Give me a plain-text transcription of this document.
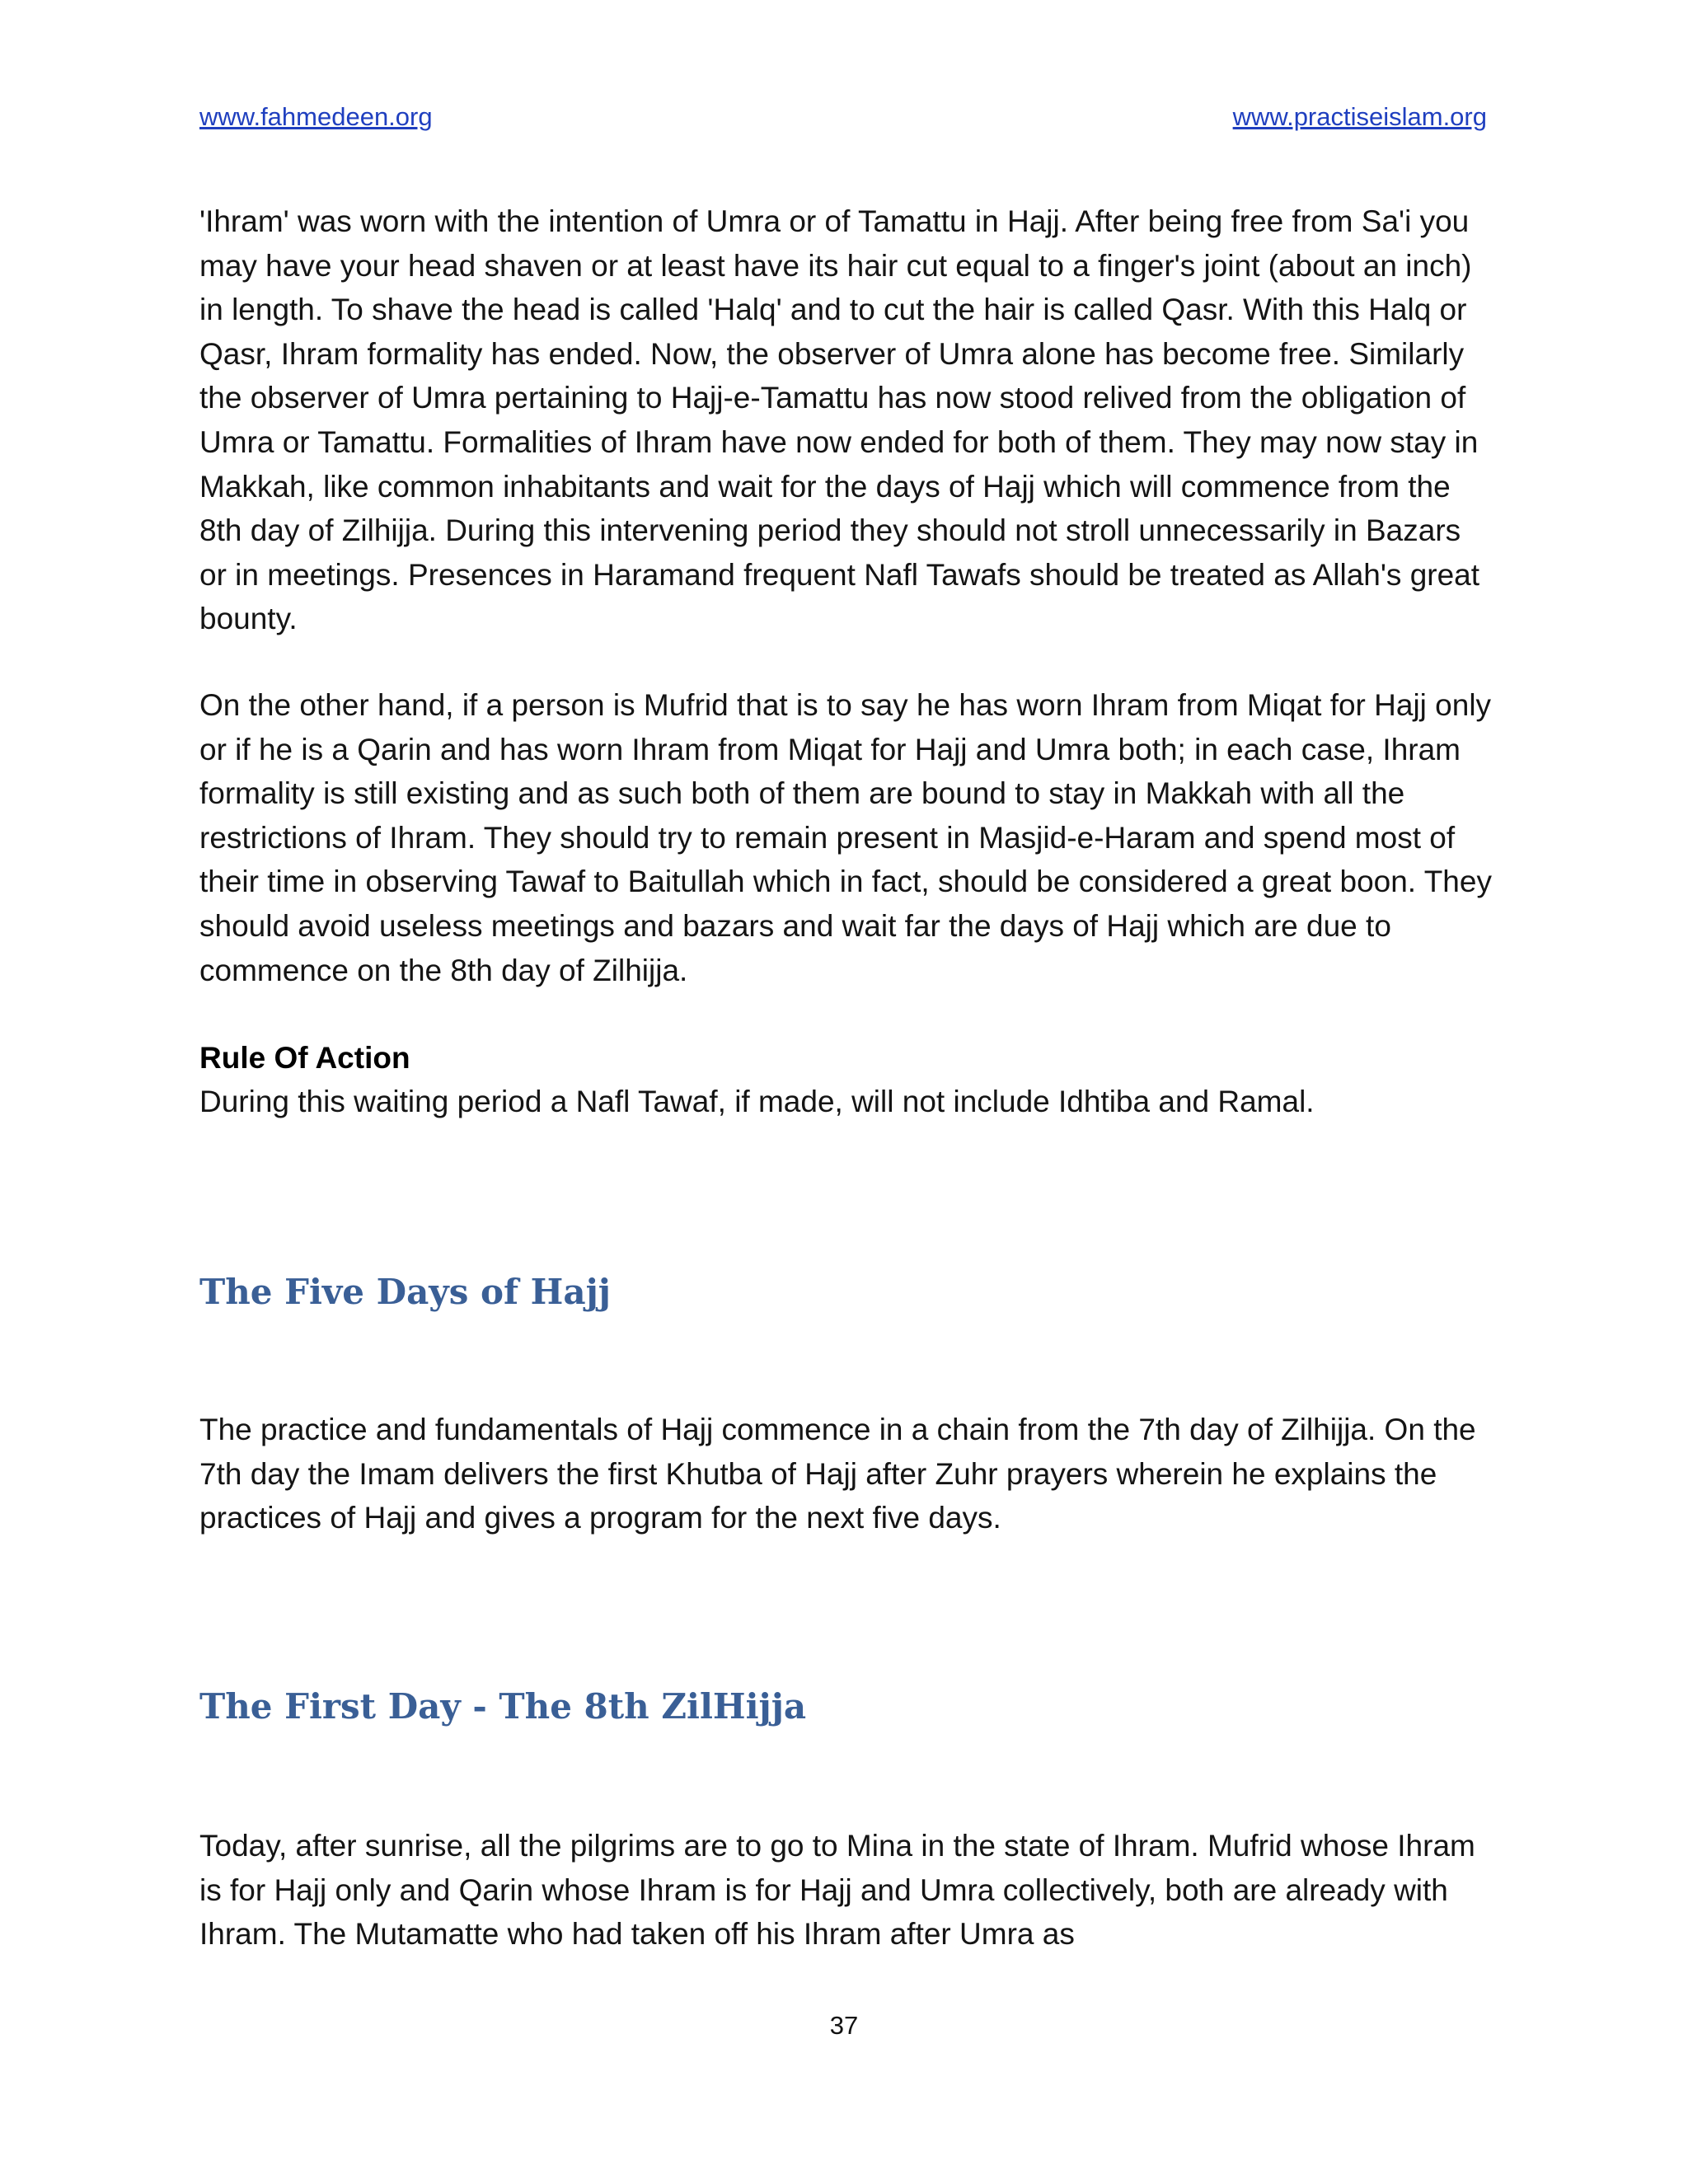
www.fahmedeen.org	www.practiseislam.org

'Ihram' was worn with the intention of Umra or of Tamattu in Hajj. After being free from Sa'i you may have your head shaven or at least have its hair cut equal to a finger's joint (about an inch) in length. To shave the head is called 'Halq' and to cut the hair is called Qasr. With this Halq or Qasr, Ihram formality has ended. Now, the observer of Umra alone has become free. Similarly the observer of Umra pertaining to Hajj-e-Tamattu has now stood relived from the obligation of Umra or Tamattu. Formalities of Ihram have now ended for both of them. They may now stay in Makkah, like common inhabitants and wait for the days of Hajj which will commence from the 8th day of Zilhijja. During this intervening period they should not stroll unnecessarily in Bazars or in meetings. Presences in Haramand frequent Nafl Tawafs should be treated as Allah's great bounty.

On the other hand, if a person is Mufrid that is to say he has worn Ihram from Miqat for Hajj only or if he is a Qarin and has worn Ihram from Miqat for Hajj and Umra both; in each case, Ihram formality is still existing and as such both of them are bound to stay in Makkah with all the restrictions of Ihram. They should try to remain present in Masjid-e-Haram and spend most of their time in observing Tawaf to Baitullah which in fact, should be considered a great boon. They should avoid useless meetings and bazars and wait far the days of Hajj which are due to commence on the 8th day of Zilhijja.

Rule Of Action

During this waiting period a Nafl Tawaf, if made, will not include Idhtiba and Ramal.

The Five Days of Hajj

The practice and fundamentals of Hajj commence in a chain from the 7th day of Zilhijja. On the 7th day the Imam delivers the first Khutba of Hajj after Zuhr prayers wherein he explains the practices of Hajj and gives a program for the next five days.

The First Day - The 8th ZilHijja

Today, after sunrise, all the pilgrims are to go to Mina in the state of Ihram. Mufrid whose Ihram is for Hajj only and Qarin whose Ihram is for Hajj and Umra collectively, both are already with Ihram. The Mutamatte who had taken off his Ihram after Umra as

37
